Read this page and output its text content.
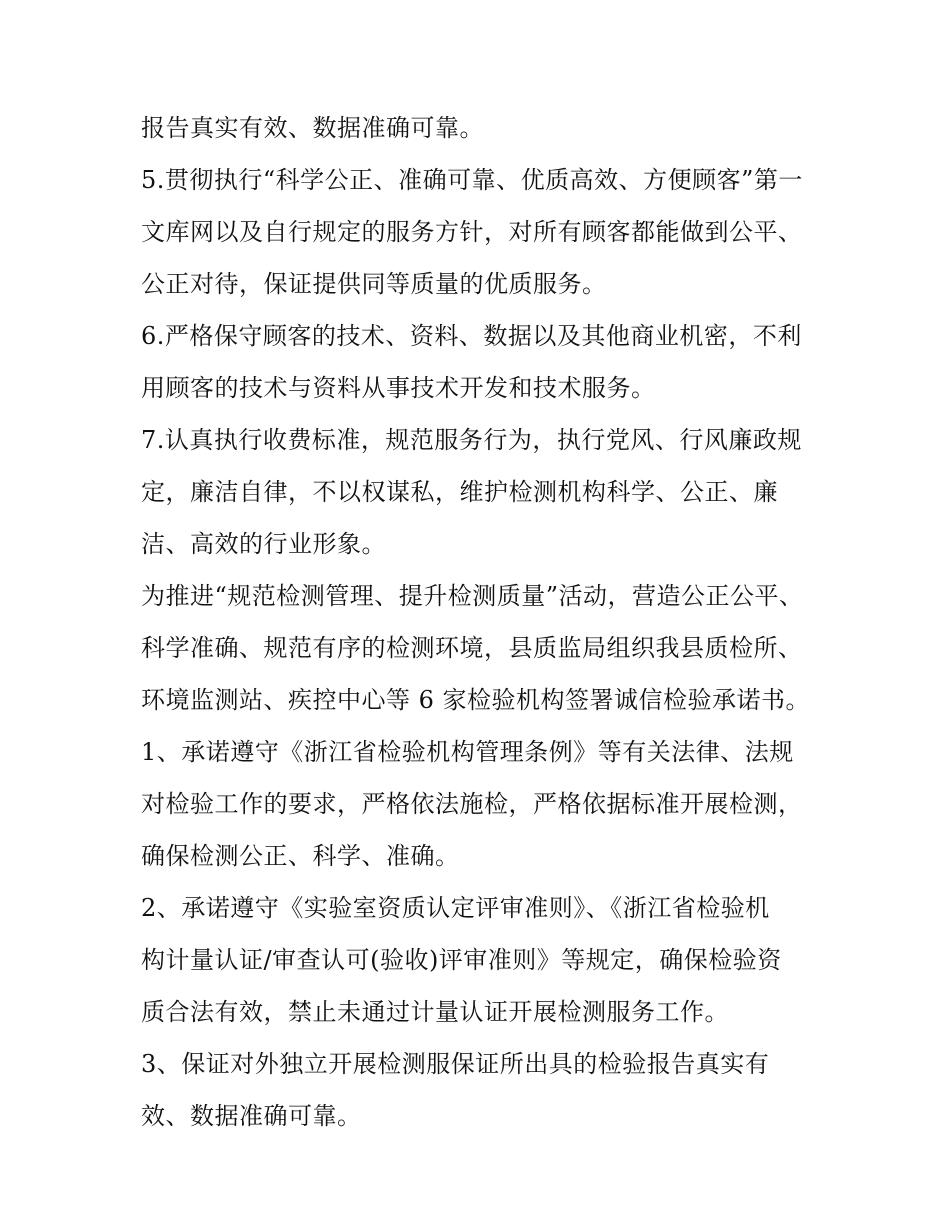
报告真实有效、数据准确可靠。
5.贯彻执行“科学公正、准确可靠、优质高效、方便顾客”第一
文库网以及自行规定的服务方针，对所有顾客都能做到公平、
公正对待，保证提供同等质量的优质服务。
6.严格保守顾客的技术、资料、数据以及其他商业机密，不利
用顾客的技术与资料从事技术开发和技术服务。
7.认真执行收费标准，规范服务行为，执行党风、行风廉政规
定，廉洁自律，不以权谋私，维护检测机构科学、公正、廉
洁、高效的行业形象。
为推进“规范检测管理、提升检测质量”活动，营造公正公平、
科学准确、规范有序的检测环境，县质监局组织我县质检所、
环境监测站、疾控中心等 6 家检验机构签署诚信检验承诺书。
1、承诺遵守《浙江省检验机构管理条例》等有关法律、法规
对检验工作的要求，严格依法施检，严格依据标准开展检测，
确保检测公正、科学、准确。
2、承诺遵守《实验室资质认定评审准则》、《浙江省检验机
构计量认证/审查认可(验收)评审准则》等规定，确保检验资
质合法有效，禁止未通过计量认证开展检测服务工作。
3、保证对外独立开展检测服保证所出具的检验报告真实有
效、数据准确可靠。
